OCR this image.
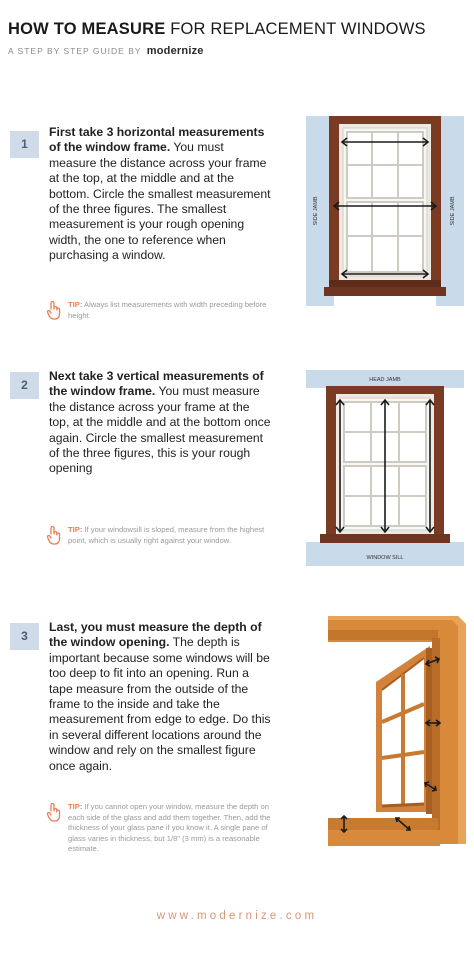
HOW TO MEASURE FOR REPLACEMENT WINDOWS
A STEP BY STEP GUIDE BY modernize
1
First take 3 horizontal measurements of the window frame. You must measure the distance across your frame at the top, at the middle and at the bottom. Circle the smallest measurement of the three figures. The smallest measurement is your rough opening width, the one to reference when purchasing a window.
TIP: Always list measurements with width preceding before height.
SIDE JAMB	SIDE JAMB
2
Next take 3 vertical measurements of the window frame. You must measure the distance across your frame at the top, at the middle and at the bottom once again. Circle the smallest measurement of the three figures, this is your rough opening
TIP: If your windowsill is sloped, measure from the highest point, which is usually right against your window.
HEAD JAMB
WINDOW SILL
3
Last, you must measure the depth of the window opening. The depth is important because some windows will be too deep to fit into an opening. Run a tape measure from the outside of the frame to the inside and take the measurement from edge to edge. Do this in several different locations around the window and rely on the smallest figure once again.
TIP: If you cannot open your window, measure the depth on each side of the glass and add them together. Then, add the thickness of your glass pane if you know it. A single pane of glass varies in thickness, but 1/8" (3 mm) is a reasonable estimate.
www.modernize.com
